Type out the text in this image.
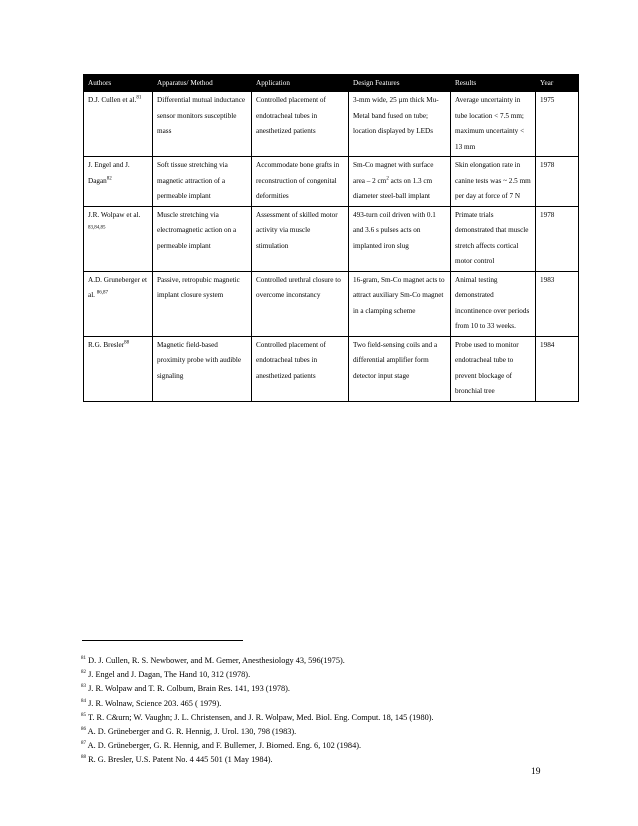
Authors	Apparatus/ Method	Application	Design Features	Results	Year
D.J. Cullen et al.$^{81}$	Differential mutual inductance sensor monitors susceptible mass	Controlled placement of endotracheal tubes in anesthetized patients	3-mm wide, 25 µm thick Mu-Metal band fused on tube; location displayed by LEDs	Average uncertainty in tube location < 7.5 mm; maximum uncertainty < 13 mm	1975
J. Engel and J. Dagan$^{82}$	Soft tissue stretching via magnetic attraction of a permeable implant	Accommodate bone grafts in reconstruction of congenital deformities	Sm-Co magnet with surface area – 2 $cm^2$ acts on 1.3 cm diameter steel-ball implant	Skin elongation rate in canine tests was ~ 2.5 mm per day at force of 7 N	1978
J.R. Wolpaw et al. $^{83,84,85}$	Muscle stretching via electromagnetic action on a permeable implant	Assessment of skilled motor activity via muscle stimulation	493-turn coil driven with 0.1 and 3.6 s pulses acts on implanted iron slug	Primate trials demonstrated that muscle stretch affects cortical motor control	1978
A.D. Gruneberger et al. $^{86,87}$	Passive, retropubic magnetic implant closure system	Controlled urethral closure to overcome inconstancy	16-gram, Sm-Co magnet acts to attract auxiliary Sm-Co magnet in a clamping scheme	Animal testing demonstrated incontinence over periods from 10 to 33 weeks.	1983
R.G. Bresler$^{88}$	Magnetic field-based proximity probe with audible signaling	Controlled placement of endotracheal tubes in anesthetized patients	Two field-sensing coils and a differential amplifier form detector input stage	Probe used to monitor endotracheal tube to prevent blockage of bronchial tree	1984
$^{81}$ D. J. Cullen, R. S. Newbower, and M. Gemer, Anesthesiology 43, 596(1975).
$^{82}$ J. Engel and J. Dagan, The Hand 10, 312 (1978).
$^{83}$ J. R. Wolpaw and T. R. Colbum, Brain Res. 141, 193 (1978).
$^{84}$ J. R. Wolnaw, Science 203. 465 ( 1979).
$^{85}$ T. R. C&urn; W. Vaughn; J. L. Christensen, and J. R. Wolpaw, Med. Biol. Eng. Comput. 18, 145 (1980).
$^{86}$ A. D. Grüneberger and G. R. Hennig, J. Urol. 130, 798 (1983).
$^{87}$ A. D. Grüneberger, G. R. Hennig, and F. Bullemer, J. Biomed. Eng. 6, 102 (1984).
$^{88}$ R. G. Bresler, U.S. Patent No. 4 445 501 (1 May 1984).
19
